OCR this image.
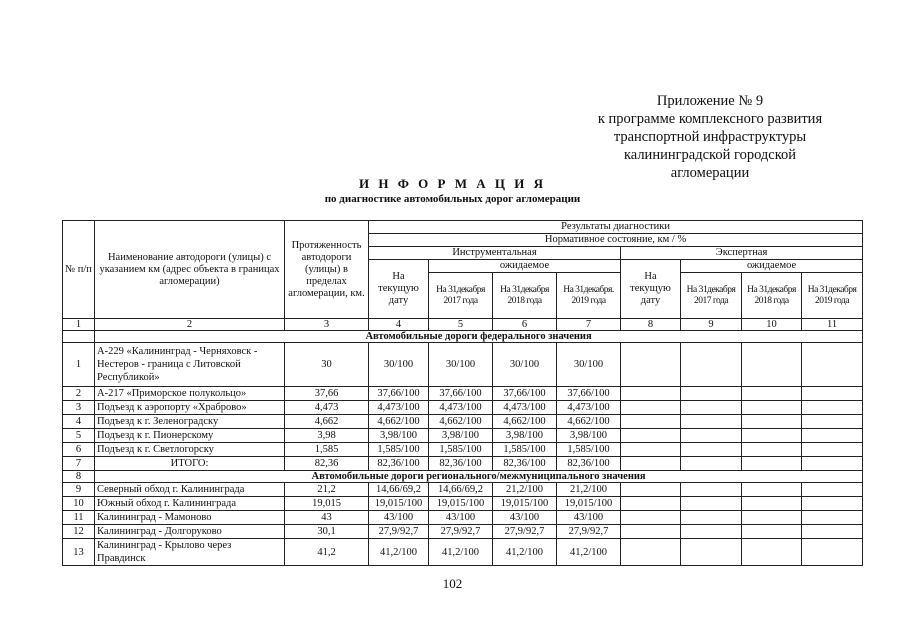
Приложение № 9
к программе комплексного развития
транспортной инфраструктуры
калининградской городской
агломерации
И Н Ф О Р М А Ц И Я
по диагностике автомобильных дорог агломерации
№ п/п	Наименование автодороги (улицы) с указанием км (адрес объекта в границах агломерации)	Протяженность автодороги (улицы) в пределах агломерации, км.	Результаты диагностики							
			Нормативное состояние, км / %							
			Инструментальная				Экспертная			
			На текущую дату	ожидаемое			На текущую дату	ожидаемое		
				На 31декабря 2017 года	На 31декабря 2018 года	На 31декабря. 2019 года		На 31декабря 2017 года	На 31декабря 2018 года	На 31декабря 2019 года
1	2	3	4	5	6	7	8	9	10	11
	Автомобильные дороги федерального значения									
1	А-229 «Калининград - Черняховск - Нестеров - граница с Литовской Республикой»	30	30/100	30/100	30/100	30/100				
2	А-217 «Приморское полукольцо»	37,66	37,66/100	37,66/100	37,66/100	37,66/100				
3	Подъезд к аэропорту «Храброво»	4,473	4,473/100	4,473/100	4,473/100	4,473/100				
4	Подъезд к г. Зеленоградску	4,662	4,662/100	4,662/100	4,662/100	4,662/100				
5	Подъезд к г. Пионерскому	3,98	3,98/100	3,98/100	3,98/100	3,98/100				
6	Подъезд к г. Светлогорску	1,585	1,585/100	1,585/100	1,585/100	1,585/100				
7	ИТОГО:	82,36	82,36/100	82,36/100	82,36/100	82,36/100				
8	Автомобильные дороги регионального/межмуниципального значения									
9	Северный обход г. Калининграда	21,2	14,66/69,2	14,66/69,2	21,2/100	21,2/100				
10	Южный обход г. Калининграда	19,015	19,015/100	19,015/100	19,015/100	19,015/100				
11	Калининград - Мамоново	43	43/100	43/100	43/100	43/100				
12	Калининград - Долгоруково	30,1	27,9/92,7	27,9/92,7	27,9/92,7	27,9/92,7				
13	Калининград - Крылово через Правдинск	41,2	41,2/100	41,2/100	41,2/100	41,2/100				
102
